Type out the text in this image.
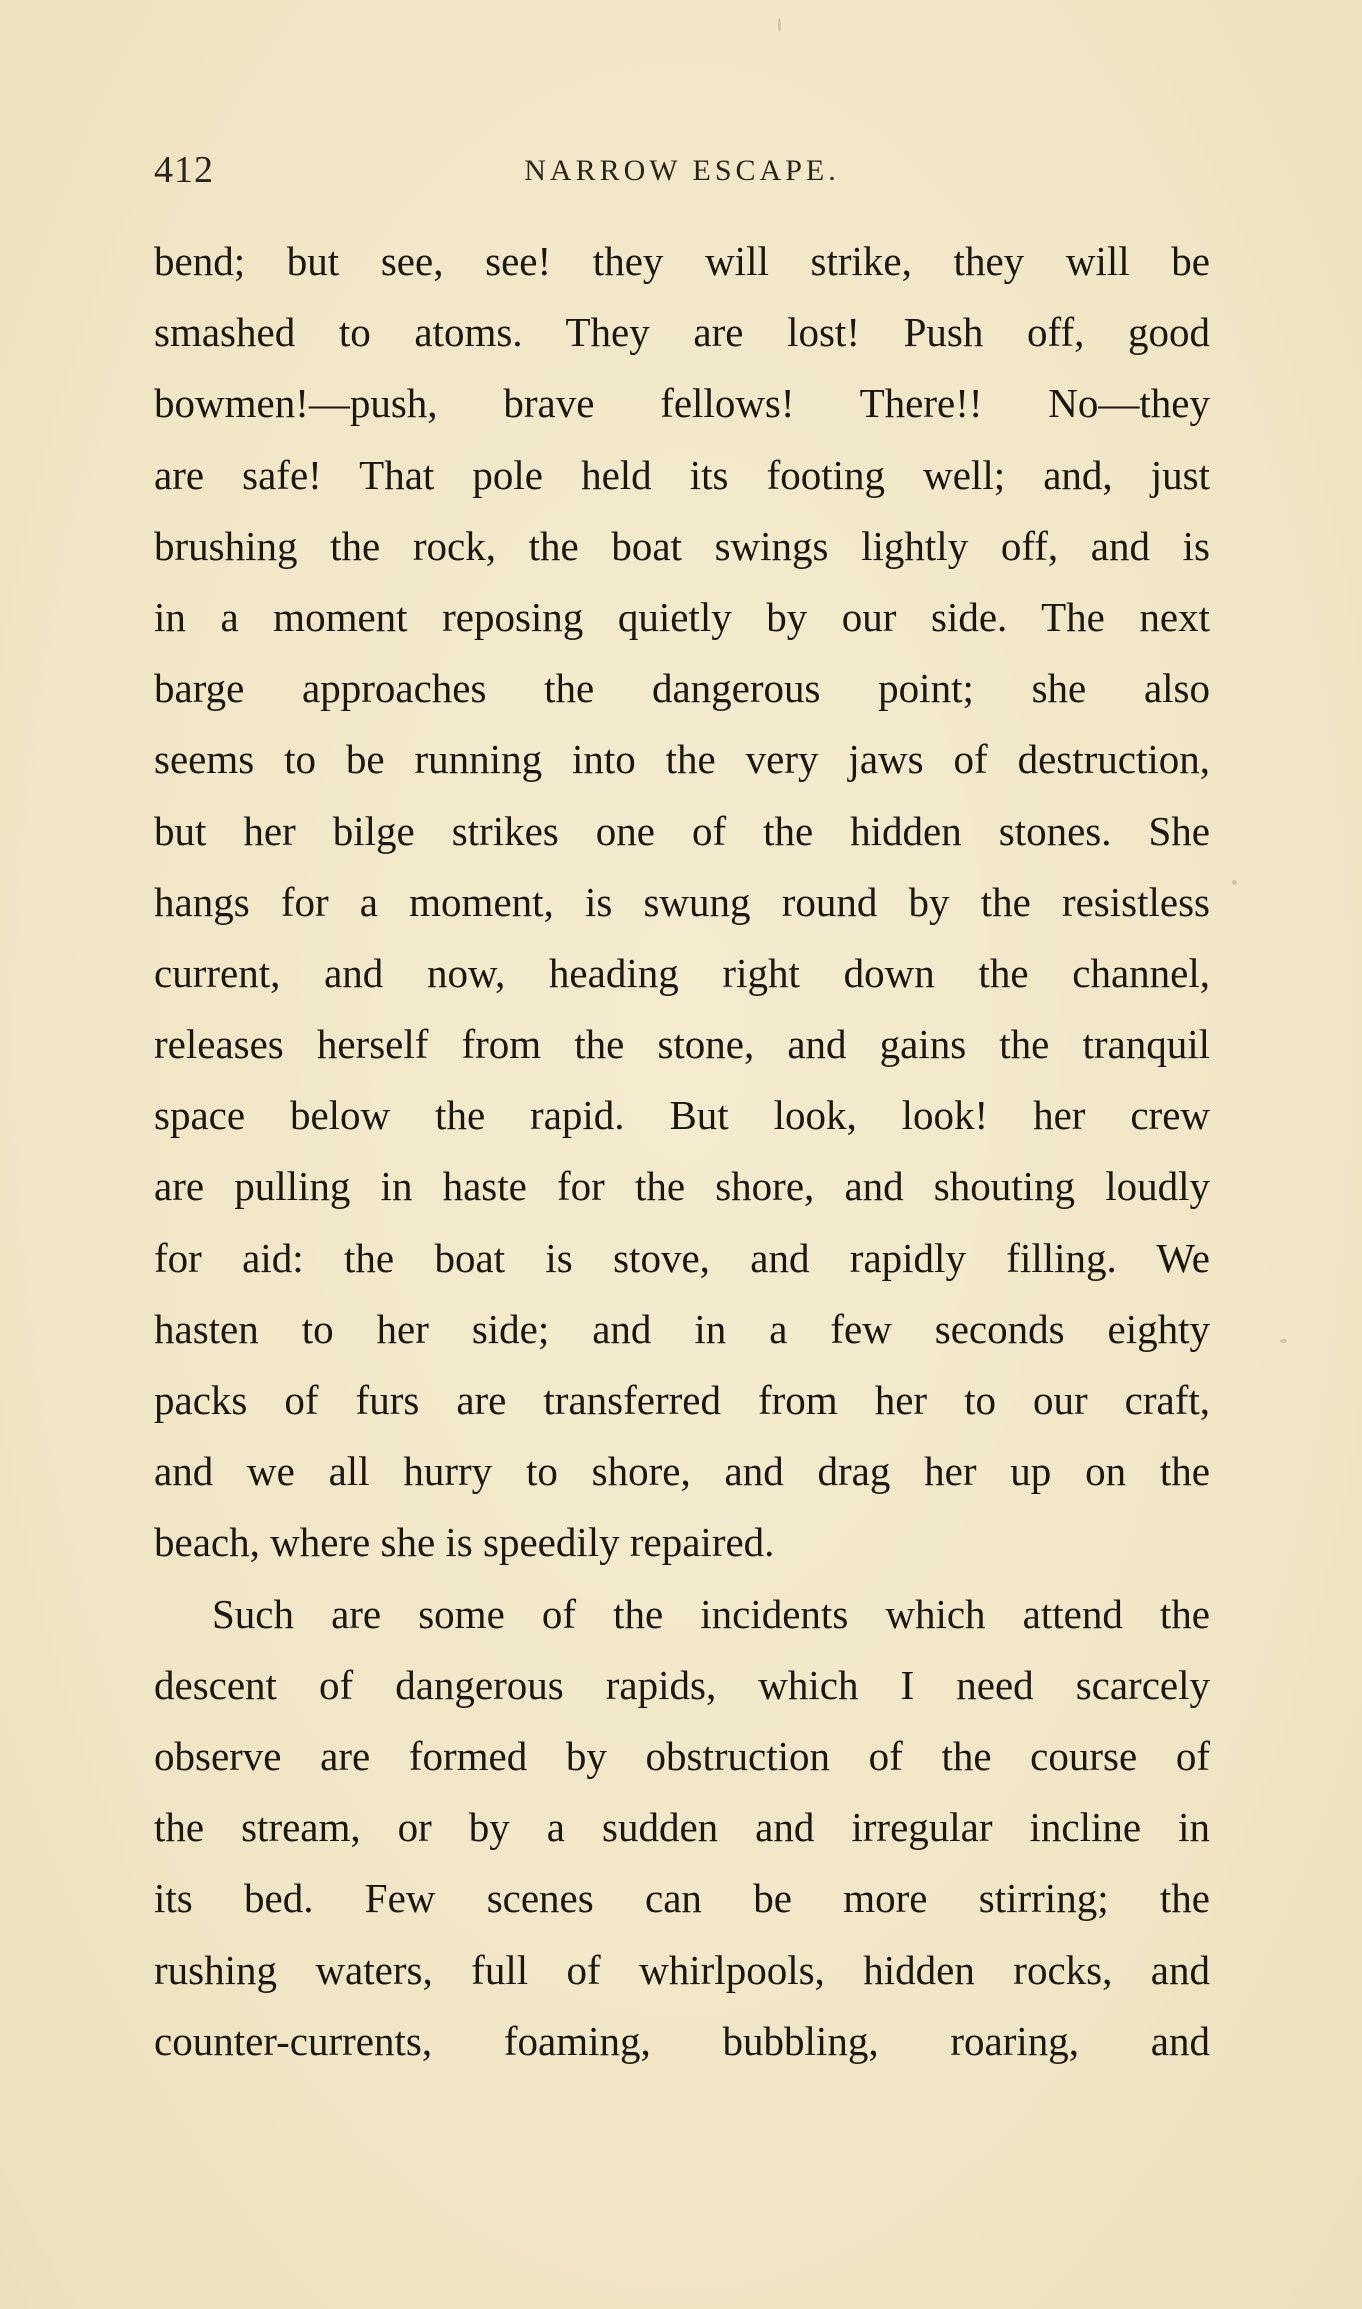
412	NARROW ESCAPE.
bend; but see, see! they will strike, they will be
smashed to atoms. They are lost! Push off, good
bowmen!—push, brave fellows! There!! No—they
are safe! That pole held its footing well; and, just
brushing the rock, the boat swings lightly off, and is
in a moment reposing quietly by our side. The next
barge approaches the dangerous point; she also
seems to be running into the very jaws of destruction,
but her bilge strikes one of the hidden stones. She
hangs for a moment, is swung round by the resistless
current, and now, heading right down the channel,
releases herself from the stone, and gains the tranquil
space below the rapid. But look, look! her crew
are pulling in haste for the shore, and shouting loudly
for aid: the boat is stove, and rapidly filling. We
hasten to her side; and in a few seconds eighty
packs of furs are transferred from her to our craft,
and we all hurry to shore, and drag her up on the
beach, where she is speedily repaired.
Such are some of the incidents which attend the
descent of dangerous rapids, which I need scarcely
observe are formed by obstruction of the course of
the stream, or by a sudden and irregular incline in
its bed. Few scenes can be more stirring; the
rushing waters, full of whirlpools, hidden rocks, and
counter-currents, foaming, bubbling, roaring, and
